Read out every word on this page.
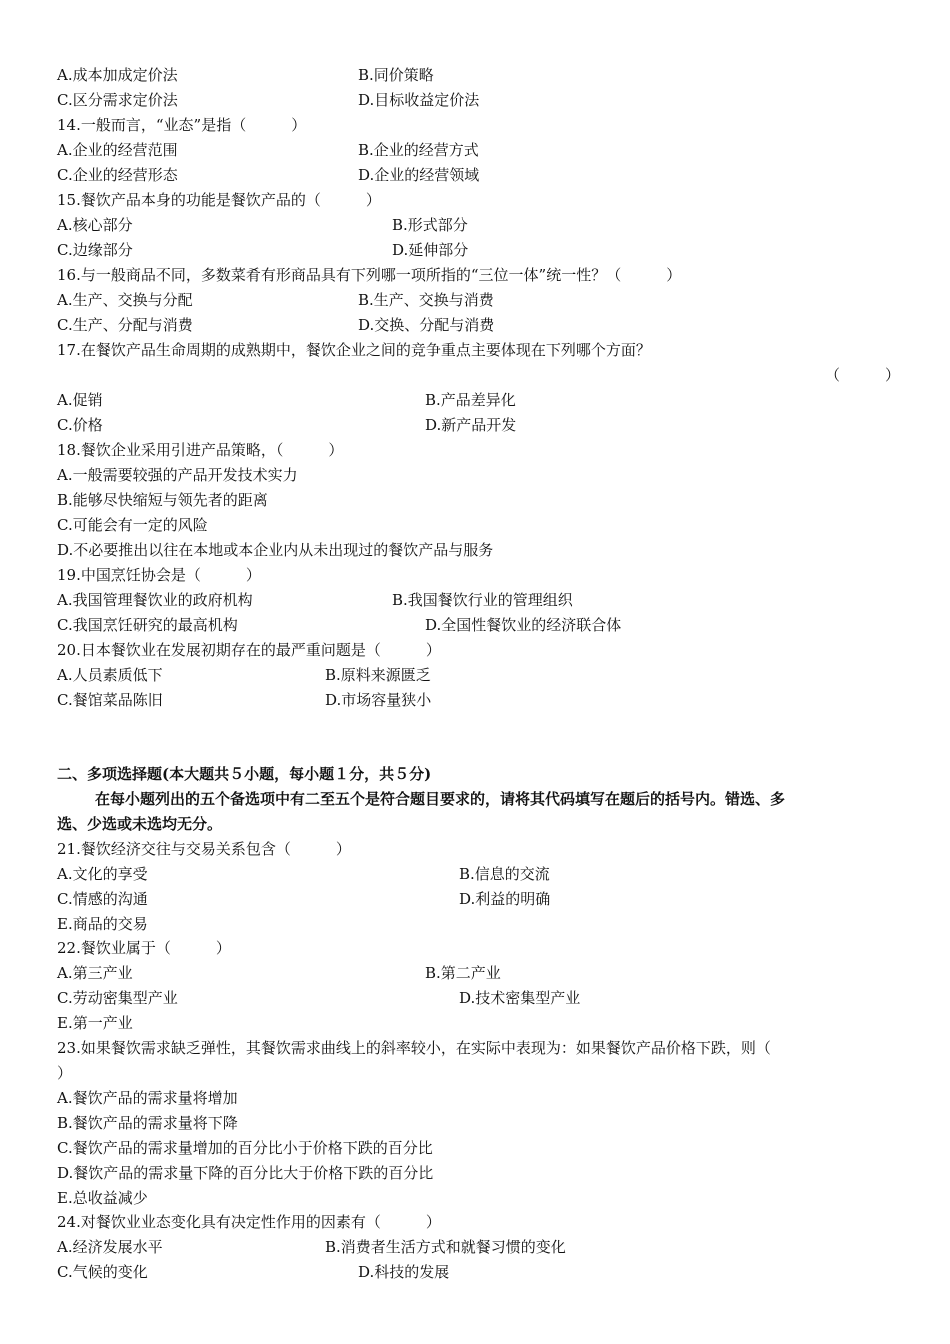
A.成本加成定价法	B.同价策略
C.区分需求定价法	D.目标收益定价法
14.一般而言，“业态”是指（　　　）
A.企业的经营范围	B.企业的经营方式
C.企业的经营形态	D.企业的经营领域
15.餐饮产品本身的功能是餐饮产品的（　　　）
A.核心部分	B.形式部分
C.边缘部分	D.延伸部分
16.与一般商品不同，多数菜肴有形商品具有下列哪一项所指的“三位一体”统一性？（　　　）
A.生产、交换与分配	B.生产、交换与消费
C.生产、分配与消费	D.交换、分配与消费
17.在餐饮产品生命周期的成熟期中，餐饮企业之间的竞争重点主要体现在下列哪个方面？
（　　　）
A.促销	B.产品差异化
C.价格	D.新产品开发
18.餐饮企业采用引进产品策略，（　　　）
A.一般需要较强的产品开发技术实力
B.能够尽快缩短与领先者的距离
C.可能会有一定的风险
D.不必要推出以往在本地或本企业内从未出现过的餐饮产品与服务
19.中国烹饪协会是（　　　）
A.我国管理餐饮业的政府机构	B.我国餐饮行业的管理组织
C.我国烹饪研究的最高机构	D.全国性餐饮业的经济联合体
20.日本餐饮业在发展初期存在的最严重问题是（　　　）
A.人员素质低下	B.原料来源匮乏
C.餐馆菜品陈旧	D.市场容量狭小
二、多项选择题(本大题共５小题，每小题１分，共５分)
在每小题列出的五个备选项中有二至五个是符合题目要求的，请将其代码填写在题后的括号内。错选、多
选、少选或未选均无分。
21.餐饮经济交往与交易关系包含（　　　）
A.文化的享受	B.信息的交流
C.情感的沟通	D.利益的明确
E.商品的交易
22.餐饮业属于（　　　）
A.第三产业	B.第二产业
C.劳动密集型产业	D.技术密集型产业
E.第一产业
23.如果餐饮需求缺乏弹性，其餐饮需求曲线上的斜率较小，在实际中表现为：如果餐饮产品价格下跌，则（
）
A.餐饮产品的需求量将增加
B.餐饮产品的需求量将下降
C.餐饮产品的需求量增加的百分比小于价格下跌的百分比
D.餐饮产品的需求量下降的百分比大于价格下跌的百分比
E.总收益减少
24.对餐饮业业态变化具有决定性作用的因素有（　　　）
A.经济发展水平	B.消费者生活方式和就餐习惯的变化
C.气候的变化	D.科技的发展
